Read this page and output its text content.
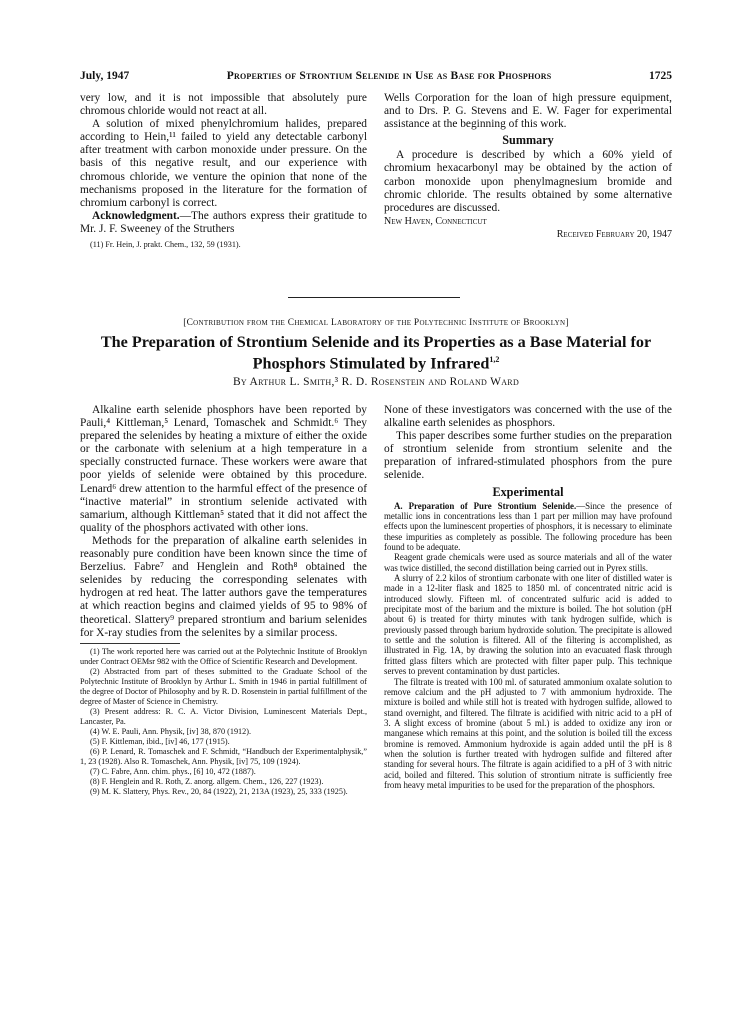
July, 1947	Properties of Strontium Selenide in Use as Base for Phosphors	1725

very low, and it is not impossible that absolutely pure chromous chloride would not react at all.

A solution of mixed phenylchromium halides, prepared according to Hein,¹¹ failed to yield any detectable carbonyl after treatment with carbon monoxide under pressure. On the basis of this negative result, and our experience with chromous chloride, we venture the opinion that none of the mechanisms proposed in the literature for the formation of chromium carbonyl is correct.

Acknowledgment.—The authors express their gratitude to Mr. J. F. Sweeney of the Struthers

(11) Fr. Hein, J. prakt. Chem., 132, 59 (1931).

Wells Corporation for the loan of high pressure equipment, and to Drs. P. G. Stevens and E. W. Fager for experimental assistance at the beginning of this work.

Summary

A procedure is described by which a 60% yield of chromium hexacarbonyl may be obtained by the action of carbon monoxide upon phenylmagnesium bromide and chromic chloride. The results obtained by some alternative procedures are discussed.

New Haven, Connecticut
Received February 20, 1947
[Contribution from the Chemical Laboratory of the Polytechnic Institute of Brooklyn]
The Preparation of Strontium Selenide and its Properties as a Base Material for Phosphors Stimulated by Infrared$^{1,2}$
By Arthur L. Smith,³ R. D. Rosenstein and Roland Ward

Alkaline earth selenide phosphors have been reported by Pauli,⁴ Kittleman,⁵ Lenard, Tomaschek and Schmidt.⁶ They prepared the selenides by heating a mixture of either the oxide or the carbonate with selenium at a high temperature in a specially constructed furnace. These workers were aware that poor yields of selenide were obtained by this procedure. Lenard⁶ drew attention to the harmful effect of the presence of “inactive material” in strontium selenide activated with samarium, although Kittleman⁵ stated that it did not affect the quality of the phosphors activated with other ions.

Methods for the preparation of alkaline earth selenides in reasonably pure condition have been known since the time of Berzelius. Fabre⁷ and Henglein and Roth⁸ obtained the selenides by reducing the corresponding selenates with hydrogen at red heat. The latter authors gave the temperatures at which reaction begins and claimed yields of 95 to 98% of theoretical. Slattery⁹ prepared strontium and barium selenides for X-ray studies from the selenites by a similar process.

(1) The work reported here was carried out at the Polytechnic Institute of Brooklyn under Contract OEMsr 982 with the Office of Scientific Research and Development.

(2) Abstracted from part of theses submitted to the Graduate School of the Polytechnic Institute of Brooklyn by Arthur L. Smith in 1946 in partial fulfillment of the degree of Doctor of Philosophy and by R. D. Rosenstein in partial fulfillment of the degree of Master of Science in Chemistry.

(3) Present address: R. C. A. Victor Division, Luminescent Materials Dept., Lancaster, Pa.

(4) W. E. Pauli, Ann. Physik, [iv] 38, 870 (1912).

(5) F. Kittleman, ibid., [iv] 46, 177 (1915).

(6) P. Lenard, R. Tomaschek and F. Schmidt, “Handbuch der Experimentalphysik,” 1, 23 (1928). Also R. Tomaschek, Ann. Physik, [iv] 75, 109 (1924).

(7) C. Fabre, Ann. chim. phys., [6] 10, 472 (1887).

(8) F. Henglein and R. Roth, Z. anorg. allgem. Chem., 126, 227 (1923).

(9) M. K. Slattery, Phys. Rev., 20, 84 (1922), 21, 213A (1923), 25, 333 (1925).

None of these investigators was concerned with the use of the alkaline earth selenides as phosphors.

This paper describes some further studies on the preparation of strontium selenide from strontium selenite and the preparation of infrared-stimulated phosphors from the pure selenide.

Experimental

A. Preparation of Pure Strontium Selenide.—Since the presence of metallic ions in concentrations less than 1 part per million may have profound effects upon the luminescent properties of phosphors, it is necessary to eliminate these impurities as completely as possible. The following procedure has been found to be adequate.

Reagent grade chemicals were used as source materials and all of the water was twice distilled, the second distillation being carried out in Pyrex stills.

A slurry of 2.2 kilos of strontium carbonate with one liter of distilled water is made in a 12-liter flask and 1825 to 1850 ml. of concentrated nitric acid is introduced slowly. Fifteen ml. of concentrated sulfuric acid is added to precipitate most of the barium and the mixture is boiled. The hot solution (pH about 6) is treated for thirty minutes with tank hydrogen sulfide, which is previously passed through barium hydroxide solution. The precipitate is allowed to settle and the solution is filtered. All of the filtering is accomplished, as illustrated in Fig. 1A, by drawing the solution into an evacuated flask through fritted glass filters which are protected with filter paper pulp. This technique serves to prevent contamination by dust particles.

The filtrate is treated with 100 ml. of saturated ammonium oxalate solution to remove calcium and the pH adjusted to 7 with ammonium hydroxide. The mixture is boiled and while still hot is treated with hydrogen sulfide, allowed to stand overnight, and filtered. The filtrate is acidified with nitric acid to a pH of 3. A slight excess of bromine (about 5 ml.) is added to oxidize any iron or manganese which remains at this point, and the solution is boiled till the excess bromine is removed. Ammonium hydroxide is again added until the pH is 8 when the solution is further treated with hydrogen sulfide and filtered after standing for several hours. The filtrate is again acidified to a pH of 3 with nitric acid, boiled and filtered. This solution of strontium nitrate is sufficiently free from heavy metal impurities to be used for the preparation of the phosphors.
